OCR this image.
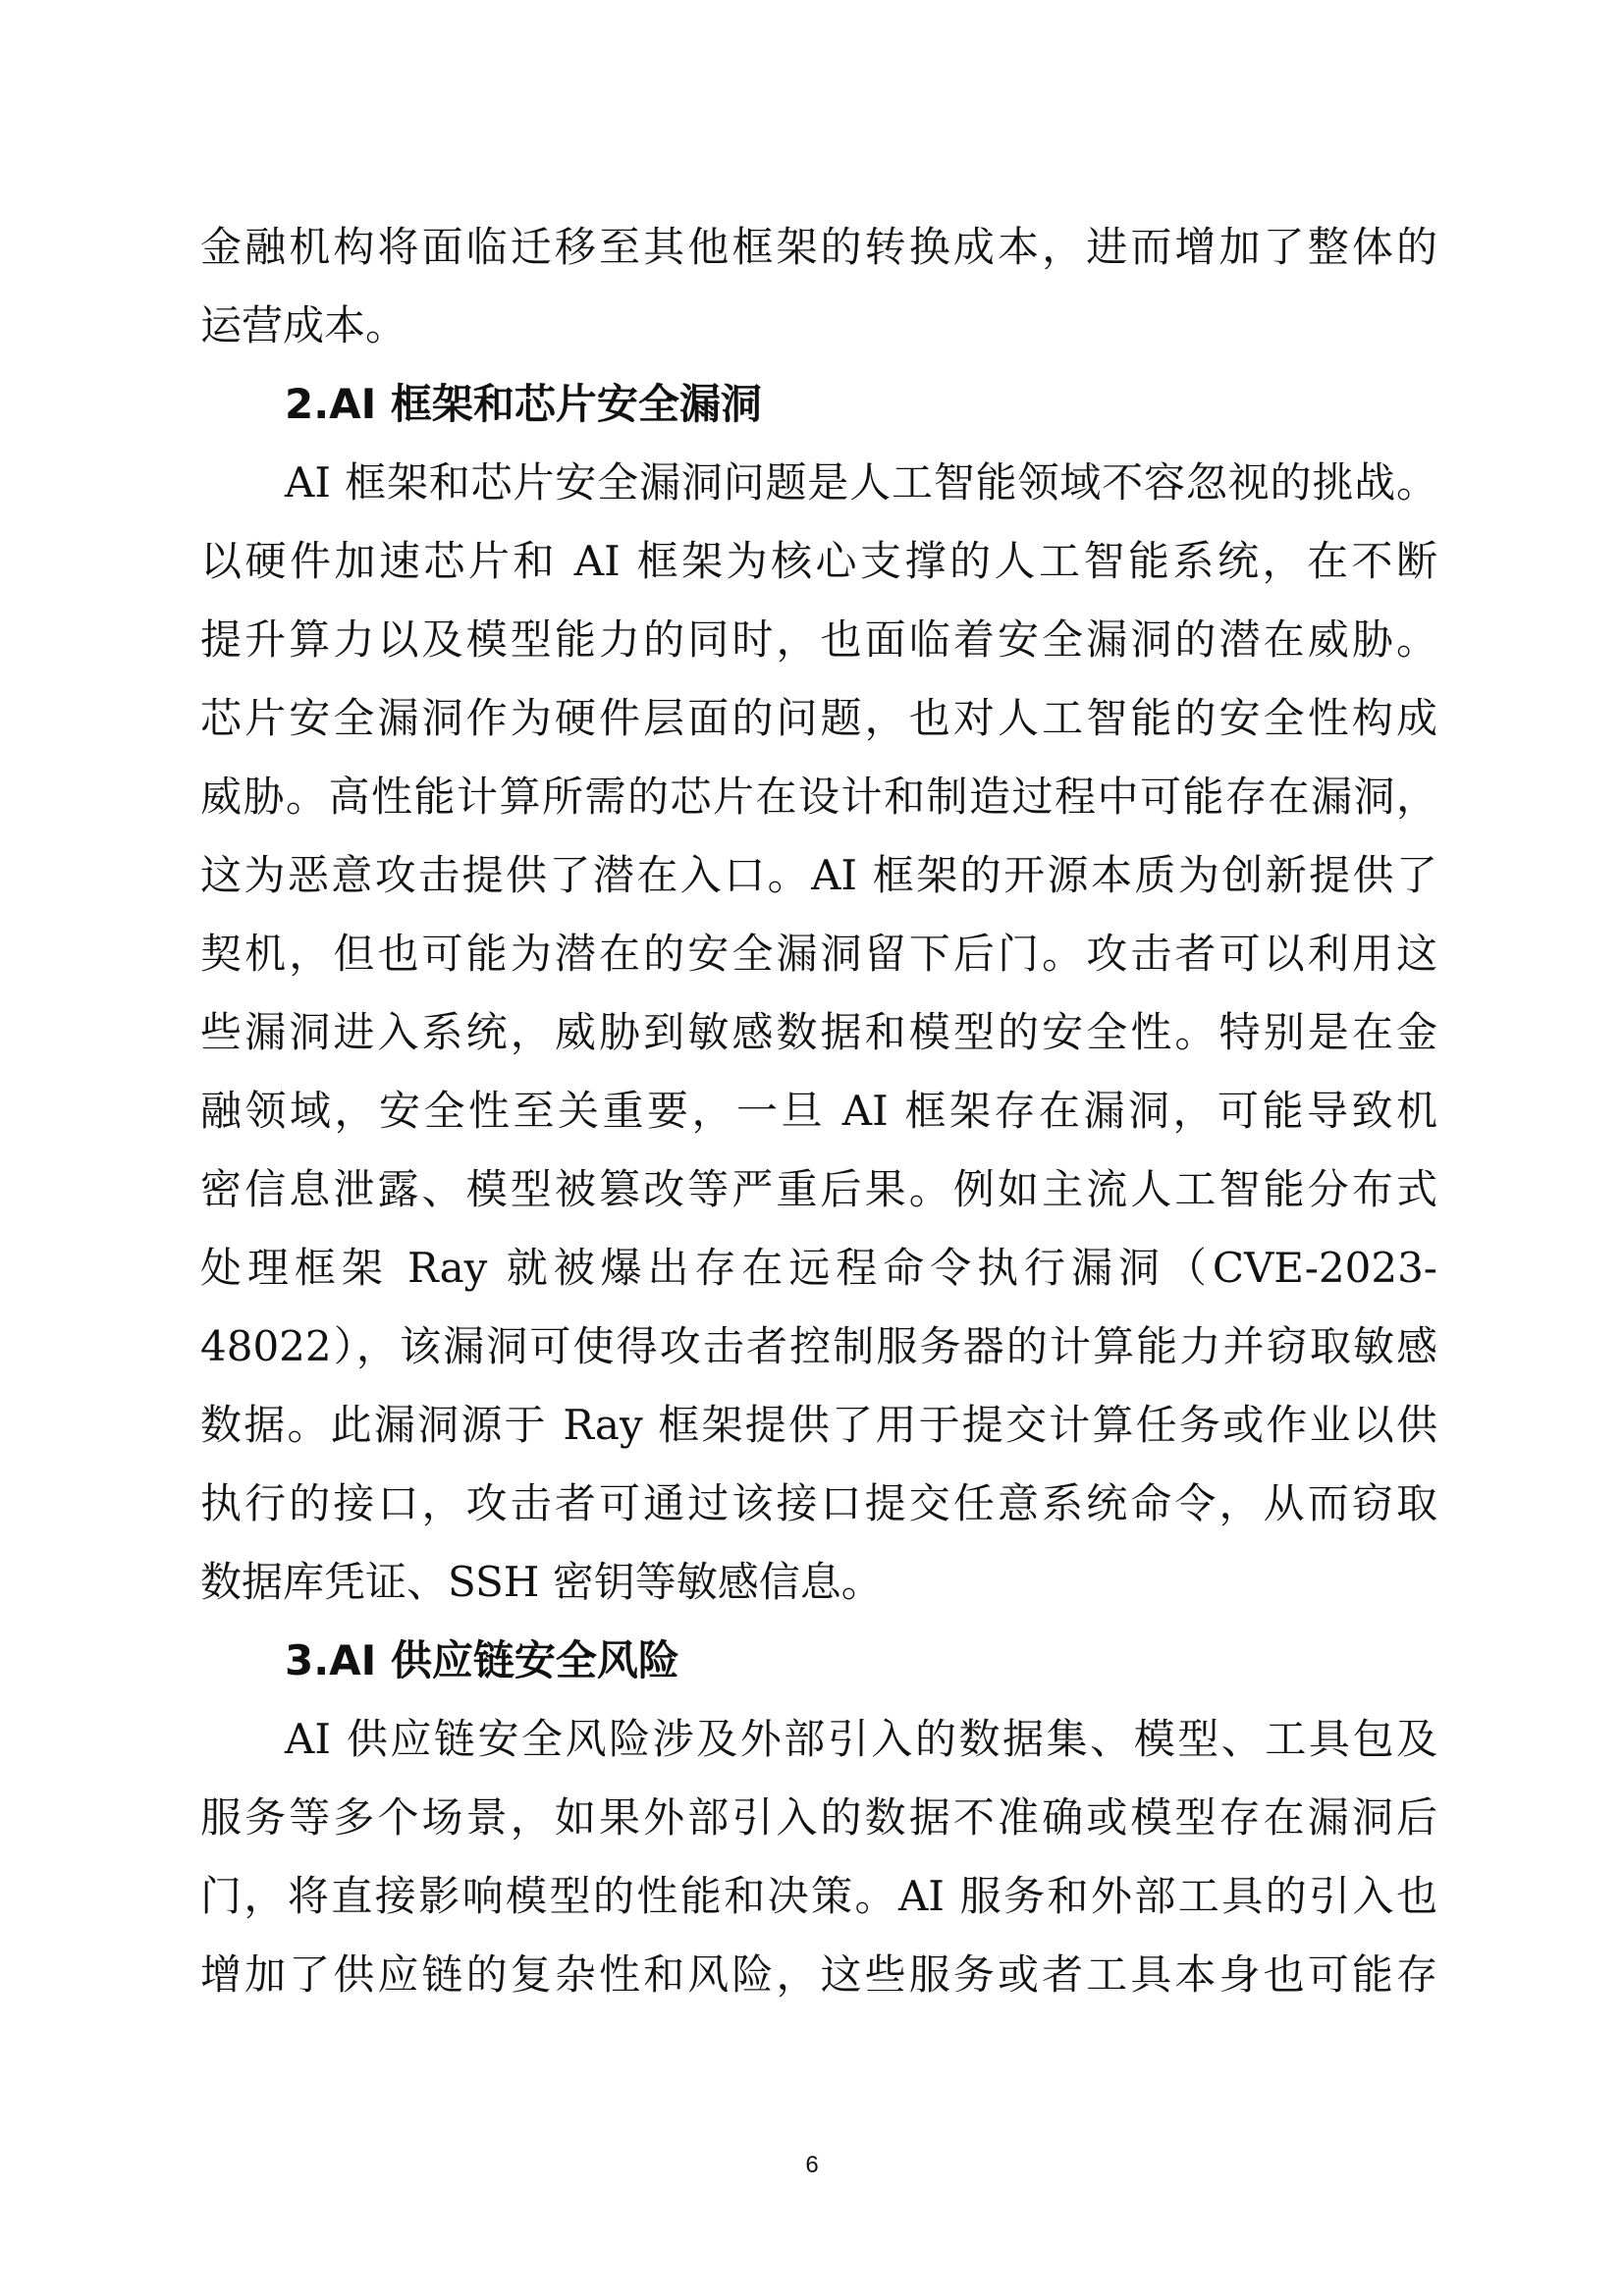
金融机构将面临迁移至其他框架的转换成本，进而增加了整体的
运营成本。
2.AI 框架和芯片安全漏洞
AI 框架和芯片安全漏洞问题是人工智能领域不容忽视的挑战。
以硬件加速芯片和 AI 框架为核心支撑的人工智能系统，在不断
提升算力以及模型能力的同时，也面临着安全漏洞的潜在威胁。
芯片安全漏洞作为硬件层面的问题，也对人工智能的安全性构成
威胁。高性能计算所需的芯片在设计和制造过程中可能存在漏洞，
这为恶意攻击提供了潜在入口。AI 框架的开源本质为创新提供了
契机，但也可能为潜在的安全漏洞留下后门。攻击者可以利用这
些漏洞进入系统，威胁到敏感数据和模型的安全性。特别是在金
融领域，安全性至关重要，一旦 AI 框架存在漏洞，可能导致机
密信息泄露、模型被篡改等严重后果。例如主流人工智能分布式
处理框架 Ray 就被爆出存在远程命令执行漏洞（CVE-2023-
48022），该漏洞可使得攻击者控制服务器的计算能力并窃取敏感
数据。此漏洞源于 Ray 框架提供了用于提交计算任务或作业以供
执行的接口，攻击者可通过该接口提交任意系统命令，从而窃取
数据库凭证、SSH 密钥等敏感信息。
3.AI 供应链安全风险
AI 供应链安全风险涉及外部引入的数据集、模型、工具包及
服务等多个场景，如果外部引入的数据不准确或模型存在漏洞后
门，将直接影响模型的性能和决策。AI 服务和外部工具的引入也
增加了供应链的复杂性和风险，这些服务或者工具本身也可能存
6
